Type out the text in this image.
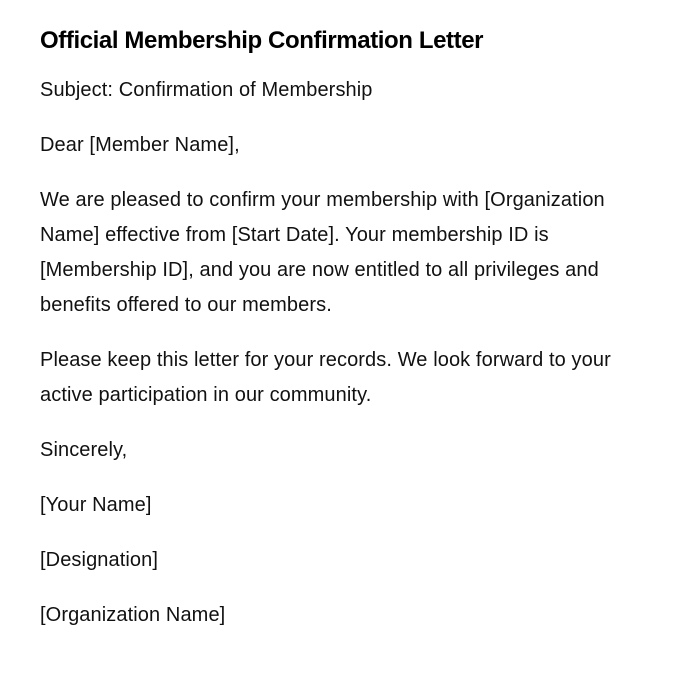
Official Membership Confirmation Letter

Subject: Confirmation of Membership

Dear [Member Name],

We are pleased to confirm your membership with [Organization Name] effective from [Start Date]. Your membership ID is [Membership ID], and you are now entitled to all privileges and benefits offered to our members.

Please keep this letter for your records. We look forward to your active participation in our community.

Sincerely,

[Your Name]

[Designation]

[Organization Name]
